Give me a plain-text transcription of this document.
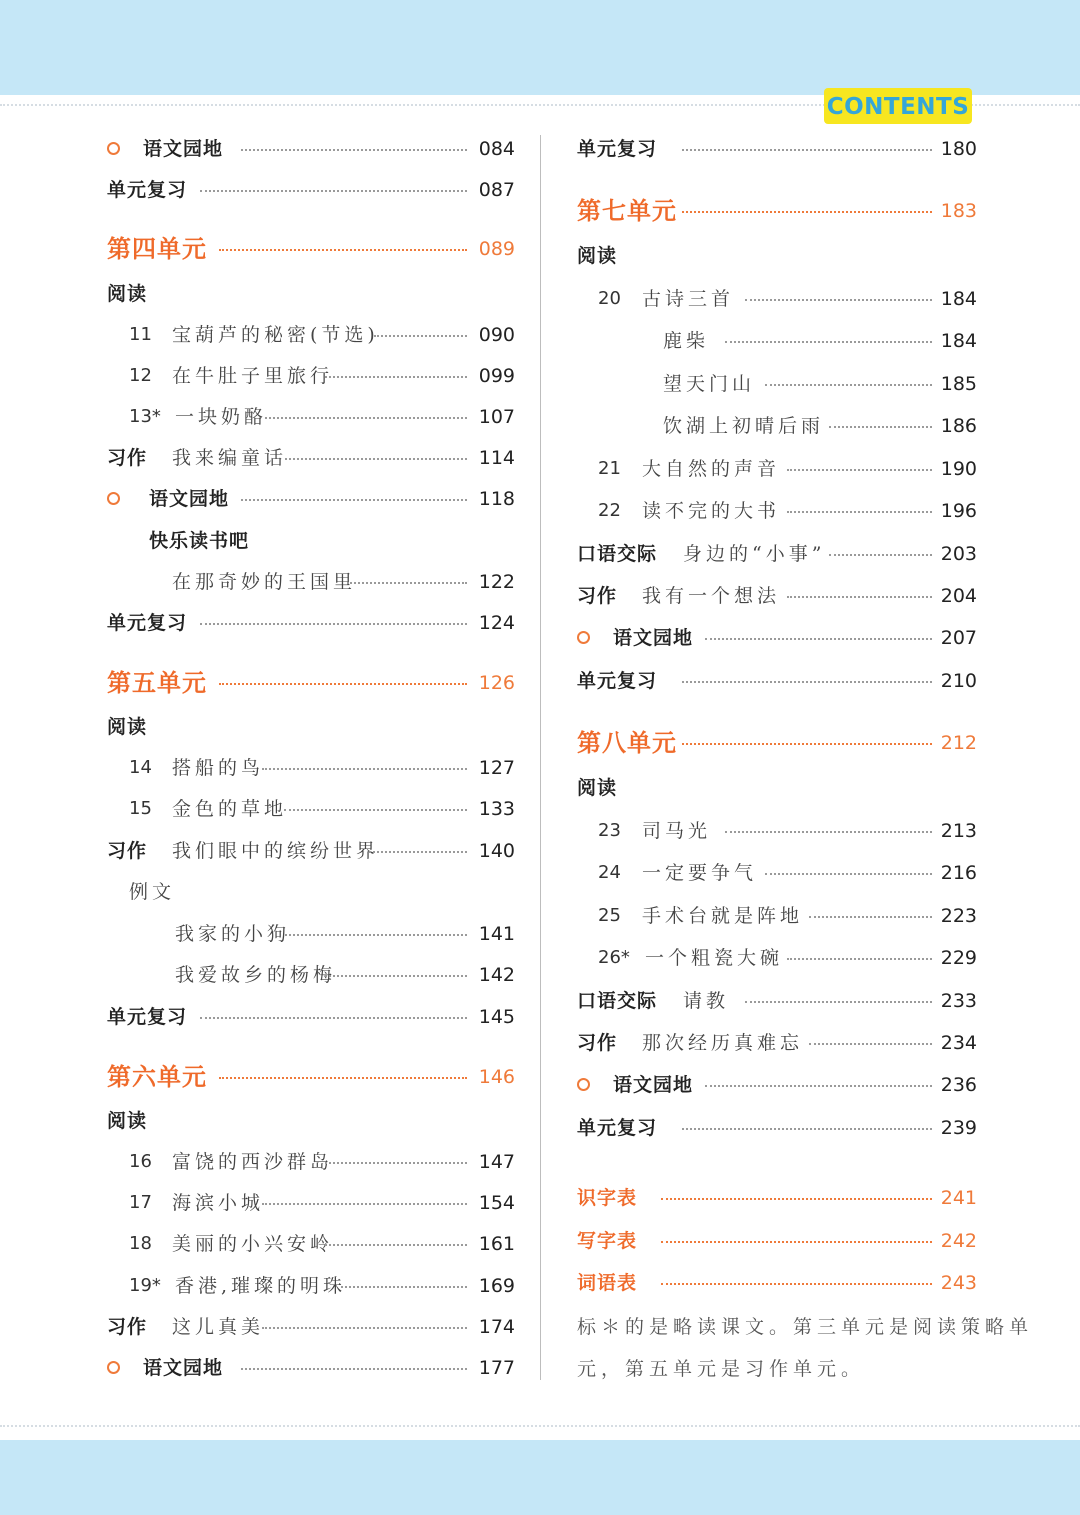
CONTENTS
语文园地	084
单元复习	087
第四单元	089
阅读
11 宝葫芦的秘密(节选)	090
12 在牛肚子里旅行	099
13* 一块奶酪	107
习作 我来编童话	114
语文园地	118
快乐读书吧
在那奇妙的王国里	122
单元复习	124
第五单元	126
阅读
14 搭船的鸟	127
15 金色的草地	133
习作 我们眼中的缤纷世界	140
例文
我家的小狗	141
我爱故乡的杨梅	142
单元复习	145
第六单元	146
阅读
16 富饶的西沙群岛	147
17 海滨小城	154
18 美丽的小兴安岭	161
19* 香港,璀璨的明珠	169
习作 这儿真美	174
语文园地	177
单元复习	180
第七单元	183
阅读
20 古诗三首	184
鹿柴	184
望天门山	185
饮湖上初晴后雨	186
21 大自然的声音	190
22 读不完的大书	196
口语交际 身边的“小事”	203
习作 我有一个想法	204
语文园地	207
单元复习	210
第八单元	212
阅读
23 司马光	213
24 一定要争气	216
25 手术台就是阵地	223
26* 一个粗瓷大碗	229
口语交际 请教	233
习作 那次经历真难忘	234
语文园地	236
单元复习	239
识字表	241
写字表	242
词语表	243
标＊的是略读课文。第三单元是阅读策略单
元，第五单元是习作单元。
